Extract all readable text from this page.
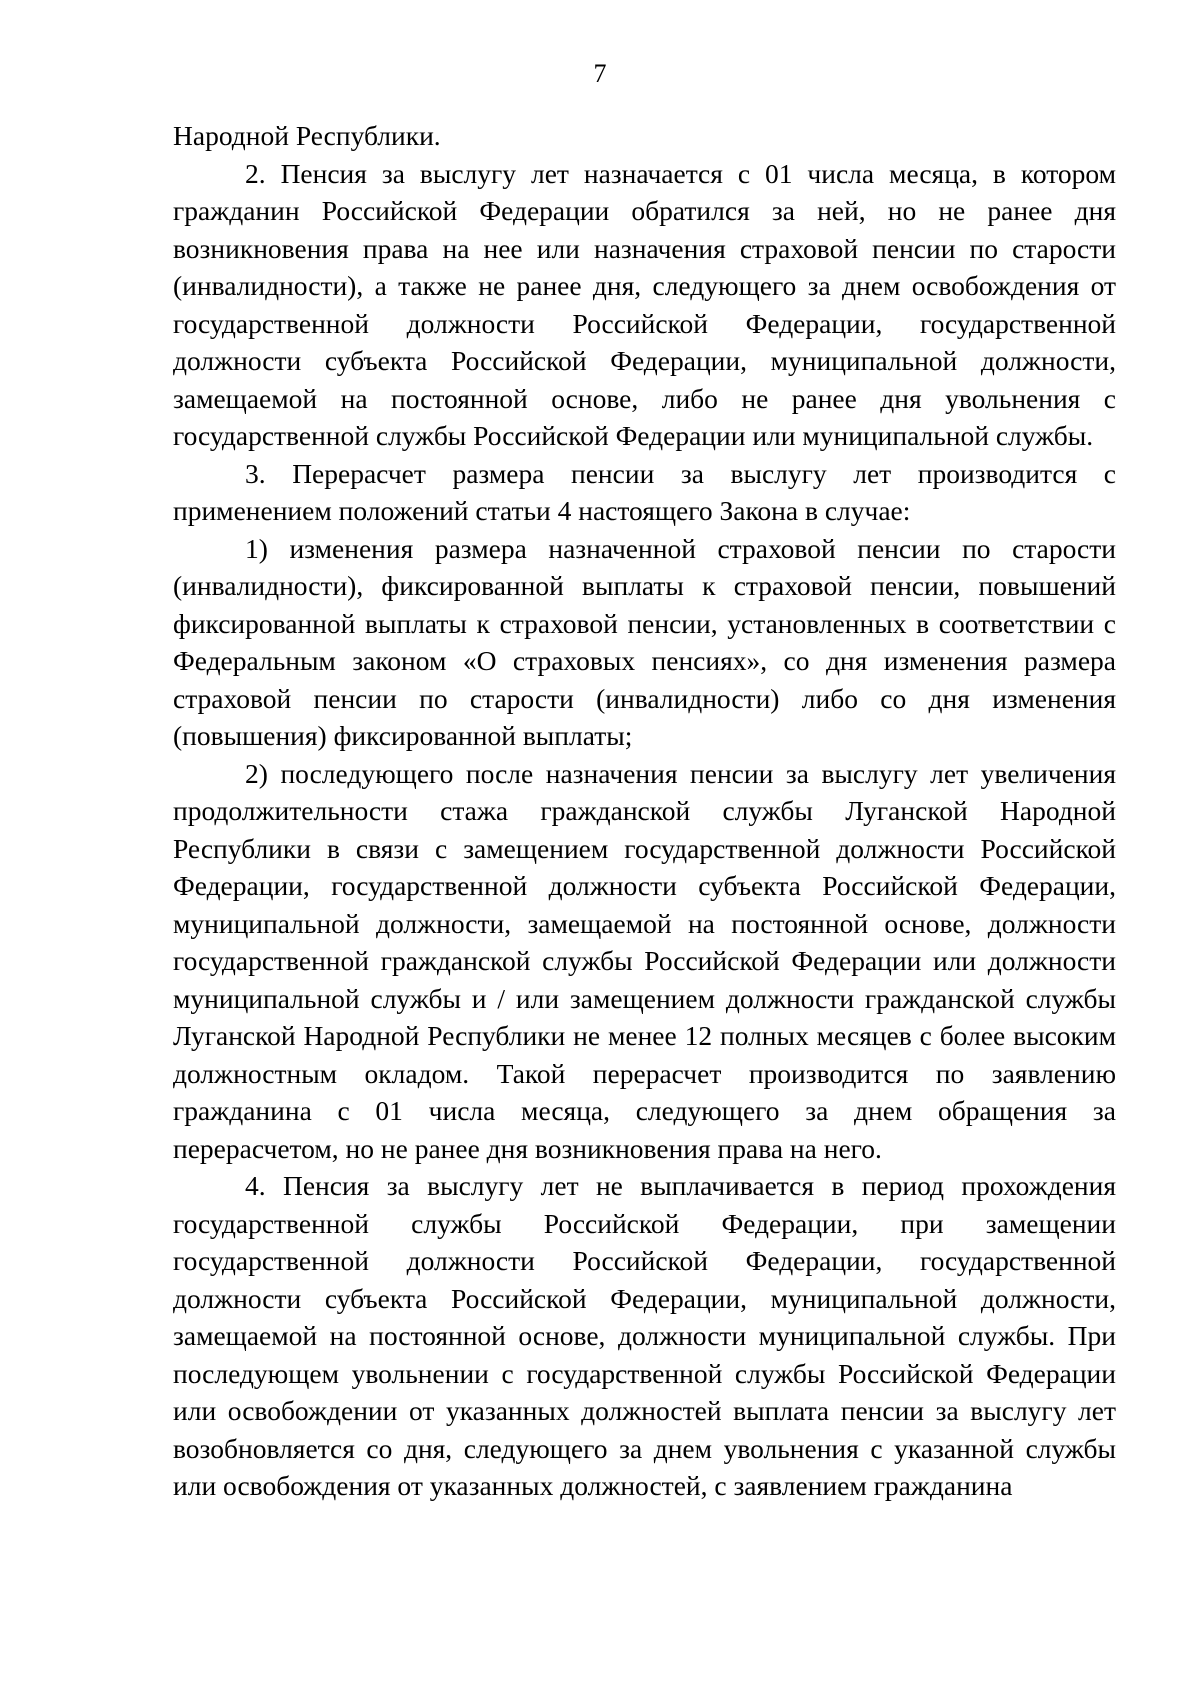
7

Народной Республики.

2. Пенсия за выслугу лет назначается с 01 числа месяца, в котором гражданин Российской Федерации обратился за ней, но не ранее дня возникновения права на нее или назначения страховой пенсии по старости (инвалидности), а также не ранее дня, следующего за днем освобождения от государственной должности Российской Федерации, государственной должности субъекта Российской Федерации, муниципальной должности, замещаемой на постоянной основе, либо не ранее дня увольнения с государственной службы Российской Федерации или муниципальной службы.

3. Перерасчет размера пенсии за выслугу лет производится с применением положений статьи 4 настоящего Закона в случае:

1) изменения размера назначенной страховой пенсии по старости (инвалидности), фиксированной выплаты к страховой пенсии, повышений фиксированной выплаты к страховой пенсии, установленных в соответствии с Федеральным законом «О страховых пенсиях», со дня изменения размера страховой пенсии по старости (инвалидности) либо со дня изменения (повышения) фиксированной выплаты;

2) последующего после назначения пенсии за выслугу лет увеличения продолжительности стажа гражданской службы Луганской Народной Республики в связи с замещением государственной должности Российской Федерации, государственной должности субъекта Российской Федерации, муниципальной должности, замещаемой на постоянной основе, должности государственной гражданской службы Российской Федерации или должности муниципальной службы и / или замещением должности гражданской службы Луганской Народной Республики не менее 12 полных месяцев с более высоким должностным окладом. Такой перерасчет производится по заявлению гражданина с 01 числа месяца, следующего за днем обращения за перерасчетом, но не ранее дня возникновения права на него.

4. Пенсия за выслугу лет не выплачивается в период прохождения государственной службы Российской Федерации, при замещении государственной должности Российской Федерации, государственной должности субъекта Российской Федерации, муниципальной должности, замещаемой на постоянной основе, должности муниципальной службы. При последующем увольнении с государственной службы Российской Федерации или освобождении от указанных должностей выплата пенсии за выслугу лет возобновляется со дня, следующего за днем увольнения с указанной службы или освобождения от указанных должностей, с заявлением гражданина
